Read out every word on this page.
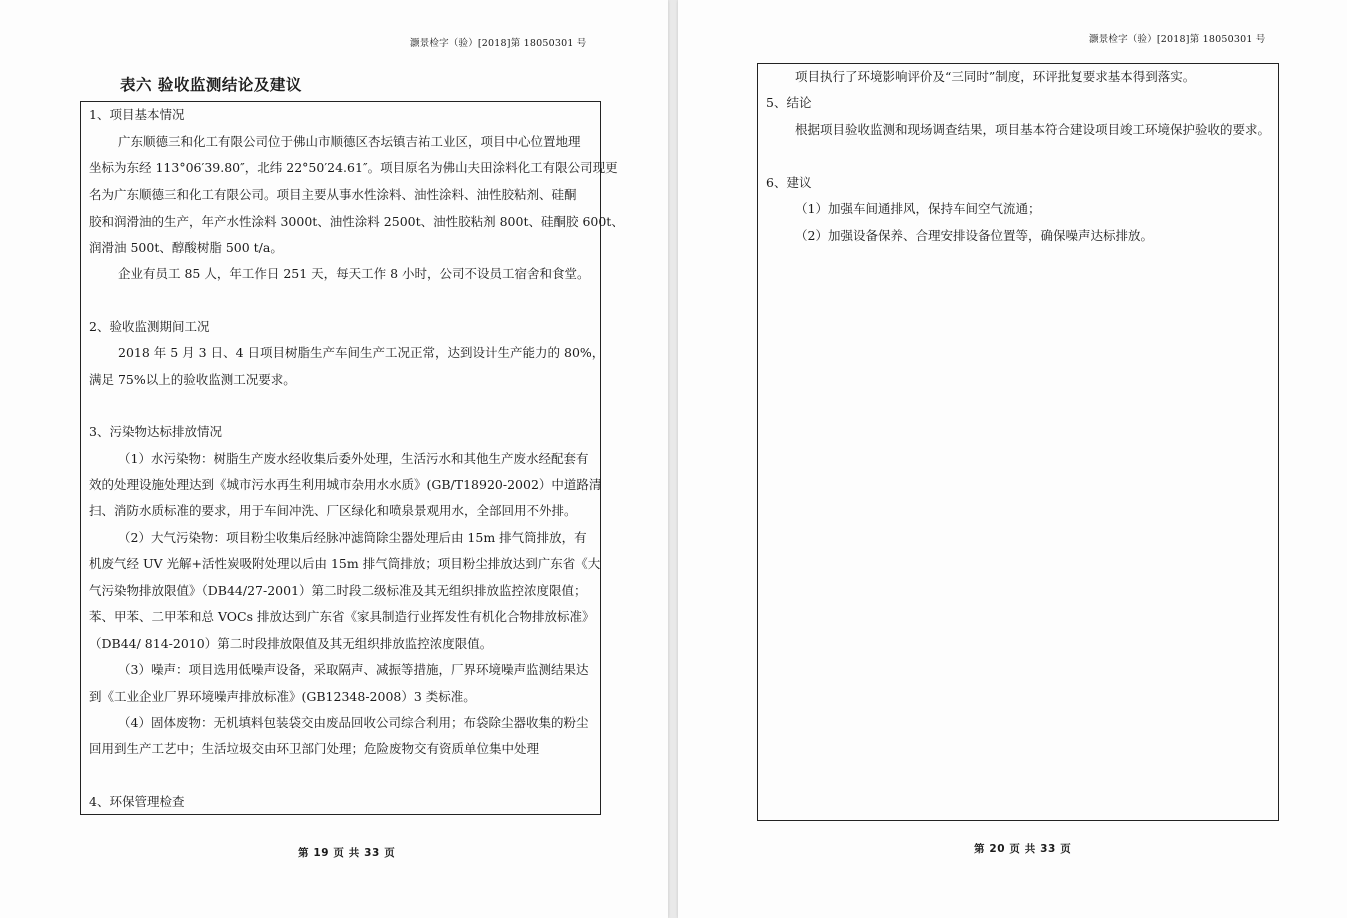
灏景检字（验）[2018]第 18050301 号
表六 验收监测结论及建议
1、项目基本情况
广东顺德三和化工有限公司位于佛山市顺德区杏坛镇吉祐工业区，项目中心位置地理
坐标为东经 113°06′39.80″，北纬 22°50′24.61″。项目原名为佛山夫田涂料化工有限公司现更
名为广东顺德三和化工有限公司。项目主要从事水性涂料、油性涂料、油性胶粘剂、硅酮
胶和润滑油的生产，年产水性涂料 3000t、油性涂料 2500t、油性胶粘剂 800t、硅酮胶 600t、
润滑油 500t、醇酸树脂 500 t/a。
企业有员工 85 人，年工作日 251 天，每天工作 8 小时，公司不设员工宿舍和食堂。
2、验收监测期间工况
2018 年 5 月 3 日、4 日项目树脂生产车间生产工况正常，达到设计生产能力的 80%，
满足 75%以上的验收监测工况要求。
3、污染物达标排放情况
（1）水污染物：树脂生产废水经收集后委外处理，生活污水和其他生产废水经配套有
效的处理设施处理达到《城市污水再生利用城市杂用水水质》(GB/T18920-2002）中道路清
扫、消防水质标准的要求，用于车间冲洗、厂区绿化和喷泉景观用水，全部回用不外排。
（2）大气污染物：项目粉尘收集后经脉冲滤筒除尘器处理后由 15m 排气筒排放，有
机废气经 UV 光解+活性炭吸附处理以后由 15m 排气筒排放；项目粉尘排放达到广东省《大
气污染物排放限值》（DB44/27-2001）第二时段二级标准及其无组织排放监控浓度限值；
苯、甲苯、二甲苯和总 VOCs 排放达到广东省《家具制造行业挥发性有机化合物排放标准》
（DB44/ 814-2010）第二时段排放限值及其无组织排放监控浓度限值。
（3）噪声：项目选用低噪声设备，采取隔声、减振等措施，厂界环境噪声监测结果达
到《工业企业厂界环境噪声排放标准》(GB12348-2008）3 类标准。
（4）固体废物：无机填料包装袋交由废品回收公司综合利用；布袋除尘器收集的粉尘
回用到生产工艺中；生活垃圾交由环卫部门处理；危险废物交有资质单位集中处理
4、环保管理检查
第 19 页 共 33 页
灏景检字（验）[2018]第 18050301 号
项目执行了环境影响评价及“三同时”制度，环评批复要求基本得到落实。
5、结论
根据项目验收监测和现场调查结果，项目基本符合建设项目竣工环境保护验收的要求。
6、建议
（1）加强车间通排风，保持车间空气流通；
（2）加强设备保养、合理安排设备位置等，确保噪声达标排放。
第 20 页 共 33 页
